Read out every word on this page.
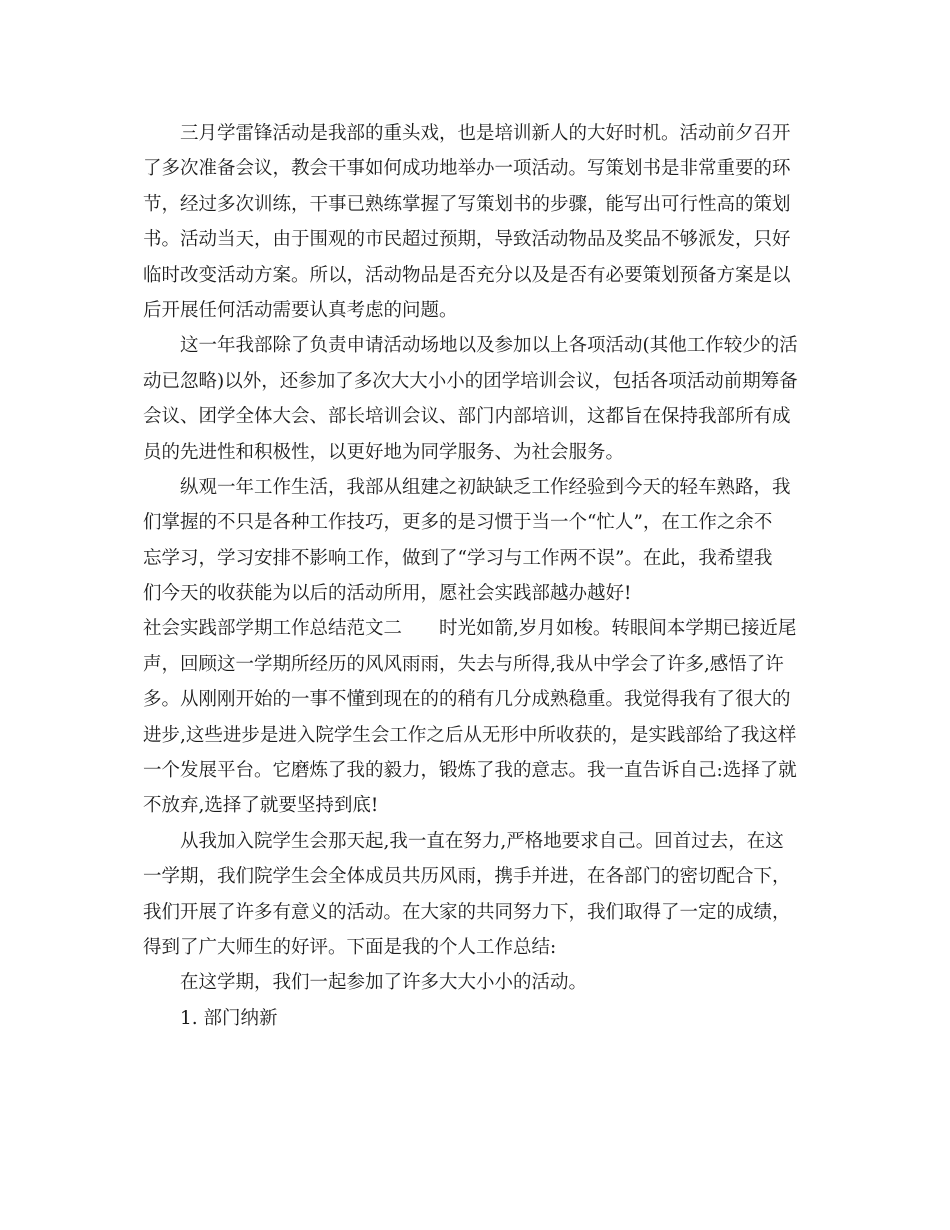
三月学雷锋活动是我部的重头戏，也是培训新人的大好时机。活动前夕召开
了多次准备会议，教会干事如何成功地举办一项活动。写策划书是非常重要的环
节，经过多次训练，干事已熟练掌握了写策划书的步骤，能写出可行性高的策划
书。活动当天，由于围观的市民超过预期，导致活动物品及奖品不够派发，只好
临时改变活动方案。所以，活动物品是否充分以及是否有必要策划预备方案是以
后开展任何活动需要认真考虑的问题。
这一年我部除了负责申请活动场地以及参加以上各项活动(其他工作较少的活
动已忽略)以外，还参加了多次大大小小的团学培训会议，包括各项活动前期筹备
会议、团学全体大会、部长培训会议、部门内部培训，这都旨在保持我部所有成
员的先进性和积极性，以更好地为同学服务、为社会服务。
纵观一年工作生活，我部从组建之初缺缺乏工作经验到今天的轻车熟路，我
们掌握的不只是各种工作技巧，更多的是习惯于当一个“忙人”，在工作之余不
忘学习，学习安排不影响工作，做到了“学习与工作两不误”。在此，我希望我
们今天的收获能为以后的活动所用，愿社会实践部越办越好!
社会实践部学期工作总结范文二　　时光如箭,岁月如梭。转眼间本学期已接近尾
声，回顾这一学期所经历的风风雨雨，失去与所得,我从中学会了许多,感悟了许
多。从刚刚开始的一事不懂到现在的的稍有几分成熟稳重。我觉得我有了很大的
进步,这些进步是进入院学生会工作之后从无形中所收获的，是实践部给了我这样
一个发展平台。它磨炼了我的毅力，锻炼了我的意志。我一直告诉自己:选择了就
不放弃,选择了就要坚持到底!
从我加入院学生会那天起,我一直在努力,严格地要求自己。回首过去，在这
一学期，我们院学生会全体成员共历风雨，携手并进，在各部门的密切配合下，
我们开展了许多有意义的活动。在大家的共同努力下，我们取得了一定的成绩，
得到了广大师生的好评。下面是我的个人工作总结:
在这学期，我们一起参加了许多大大小小的活动。
1. 部门纳新
